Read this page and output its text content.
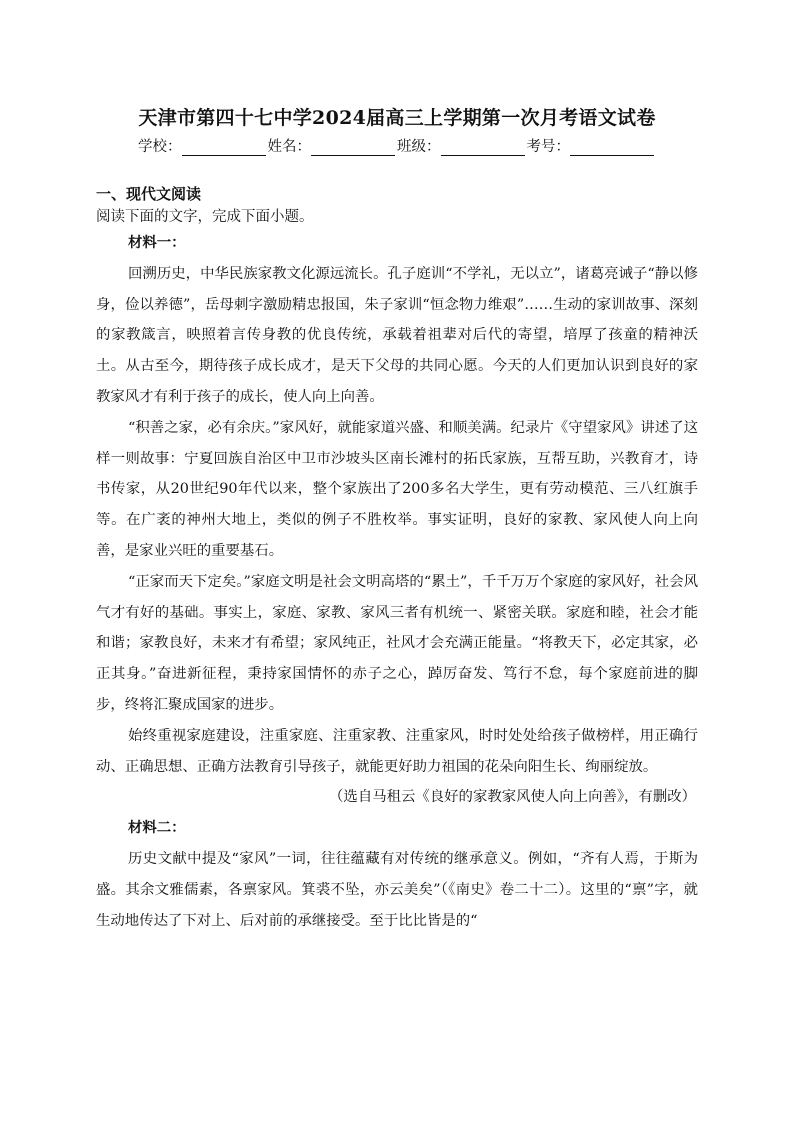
天津市第四十七中学2024届高三上学期第一次月考语文试卷
学校：	姓名：	班级：	考号：
一、现代文阅读
阅读下面的文字，完成下面小题。

材料一：

回溯历史，中华民族家教文化源远流长。孔子庭训“不学礼，无以立”，诸葛亮诫子“静以修身，俭以养德”，岳母刺字激励精忠报国，朱子家训“恒念物力维艰”……生动的家训故事、深刻的家教箴言，映照着言传身教的优良传统，承载着祖辈对后代的寄望，培厚了孩童的精神沃土。从古至今，期待孩子成长成才，是天下父母的共同心愿。今天的人们更加认识到良好的家教家风才有利于孩子的成长，使人向上向善。

“积善之家，必有余庆。”家风好，就能家道兴盛、和顺美满。纪录片《守望家风》讲述了这样一则故事：宁夏回族自治区中卫市沙坡头区南长滩村的拓氏家族，互帮互助，兴教育才，诗书传家，从20世纪90年代以来，整个家族出了200多名大学生，更有劳动模范、三八红旗手等。在广袤的神州大地上，类似的例子不胜枚举。事实证明，良好的家教、家风使人向上向善，是家业兴旺的重要基石。

“正家而天下定矣。”家庭文明是社会文明高塔的“累土”，千千万万个家庭的家风好，社会风气才有好的基础。事实上，家庭、家教、家风三者有机统一、紧密关联。家庭和睦，社会才能和谐；家教良好，未来才有希望；家风纯正，社风才会充满正能量。“将教天下，必定其家，必正其身。”奋进新征程，秉持家国情怀的赤子之心，踔厉奋发、笃行不怠，每个家庭前进的脚步，终将汇聚成国家的进步。

始终重视家庭建设，注重家庭、注重家教、注重家风，时时处处给孩子做榜样，用正确行动、正确思想、正确方法教育引导孩子，就能更好助力祖国的花朵向阳生长、绚丽绽放。

（选自马租云《良好的家教家风使人向上向善》，有删改）

材料二：

历史文献中提及“家风”一词，往往蕴藏有对传统的继承意义。例如，“齐有人焉，于斯为盛。其余文雅儒素，各禀家风。箕裘不坠，亦云美矣”（《南史》卷二十二）。这里的“禀”字，就生动地传达了下对上、后对前的承继接受。至于比比皆是的“
